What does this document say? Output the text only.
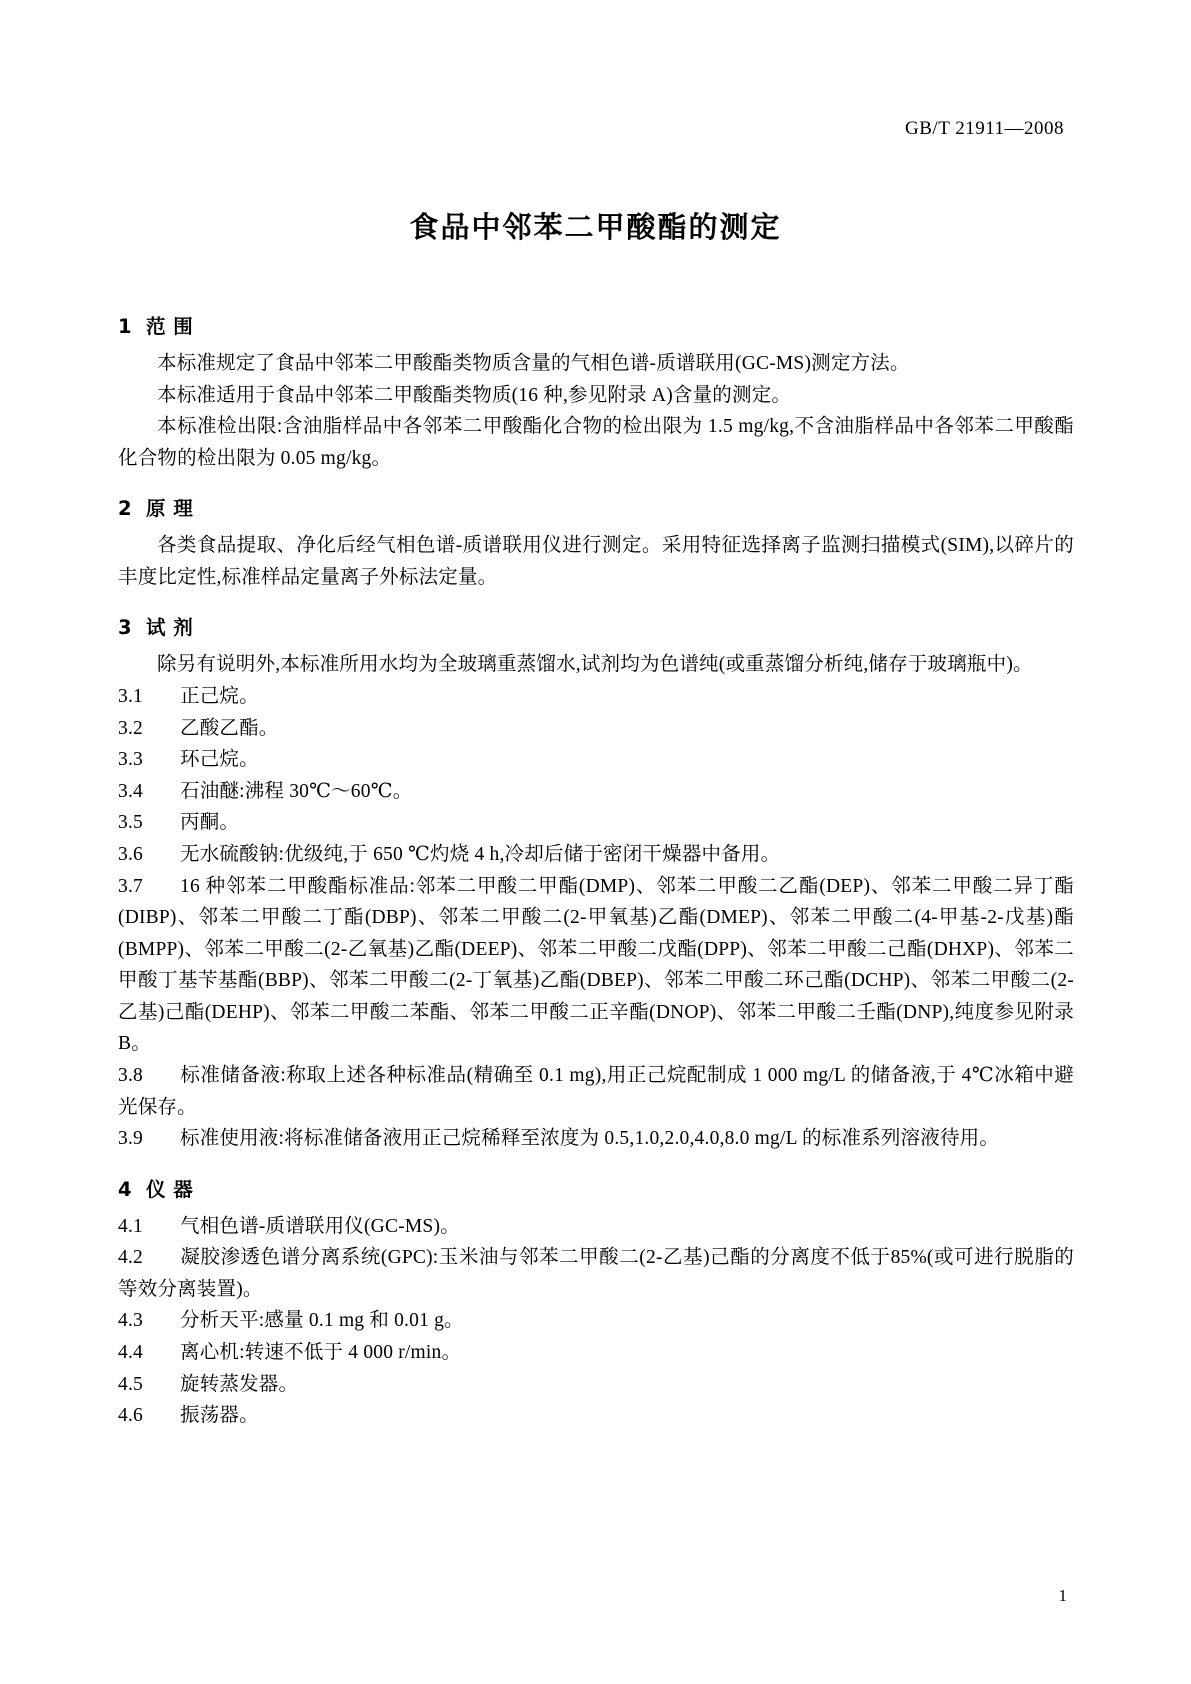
GB/T 21911—2008
食品中邻苯二甲酸酯的测定
1 范 围

本标准规定了食品中邻苯二甲酸酯类物质含量的气相色谱-质谱联用(GC-MS)测定方法。

本标准适用于食品中邻苯二甲酸酯类物质(16 种,参见附录 A)含量的测定。

本标准检出限:含油脂样品中各邻苯二甲酸酯化合物的检出限为 1.5 mg/kg,不含油脂样品中各邻苯二甲酸酯化合物的检出限为 0.05 mg/kg。

2 原 理

各类食品提取、净化后经气相色谱-质谱联用仪进行测定。采用特征选择离子监测扫描模式(SIM),以碎片的丰度比定性,标准样品定量离子外标法定量。

3 试 剂

除另有说明外,本标准所用水均为全玻璃重蒸馏水,试剂均为色谱纯(或重蒸馏分析纯,储存于玻璃瓶中)。

3.1 正己烷。

3.2 乙酸乙酯。

3.3 环己烷。

3.4 石油醚:沸程 30℃～60℃。

3.5 丙酮。

3.6 无水硫酸钠:优级纯,于 650 ℃灼烧 4 h,冷却后储于密闭干燥器中备用。

3.7 16 种邻苯二甲酸酯标准品:邻苯二甲酸二甲酯(DMP)、邻苯二甲酸二乙酯(DEP)、邻苯二甲酸二异丁酯(DIBP)、邻苯二甲酸二丁酯(DBP)、邻苯二甲酸二(2-甲氧基)乙酯(DMEP)、邻苯二甲酸二(4-甲基-2-戊基)酯(BMPP)、邻苯二甲酸二(2-乙氧基)乙酯(DEEP)、邻苯二甲酸二戊酯(DPP)、邻苯二甲酸二己酯(DHXP)、邻苯二甲酸丁基苄基酯(BBP)、邻苯二甲酸二(2-丁氧基)乙酯(DBEP)、邻苯二甲酸二环己酯(DCHP)、邻苯二甲酸二(2-乙基)己酯(DEHP)、邻苯二甲酸二苯酯、邻苯二甲酸二正辛酯(DNOP)、邻苯二甲酸二壬酯(DNP),纯度参见附录 B。

3.8 标准储备液:称取上述各种标准品(精确至 0.1 mg),用正己烷配制成 1 000 mg/L 的储备液,于 4℃冰箱中避光保存。

3.9 标准使用液:将标准储备液用正己烷稀释至浓度为 0.5,1.0,2.0,4.0,8.0 mg/L 的标准系列溶液待用。

4 仪 器

4.1 气相色谱-质谱联用仪(GC-MS)。

4.2 凝胶渗透色谱分离系统(GPC):玉米油与邻苯二甲酸二(2-乙基)己酯的分离度不低于85%(或可进行脱脂的等效分离装置)。

4.3 分析天平:感量 0.1 mg 和 0.01 g。

4.4 离心机:转速不低于 4 000 r/min。

4.5 旋转蒸发器。

4.6 振荡器。

1
